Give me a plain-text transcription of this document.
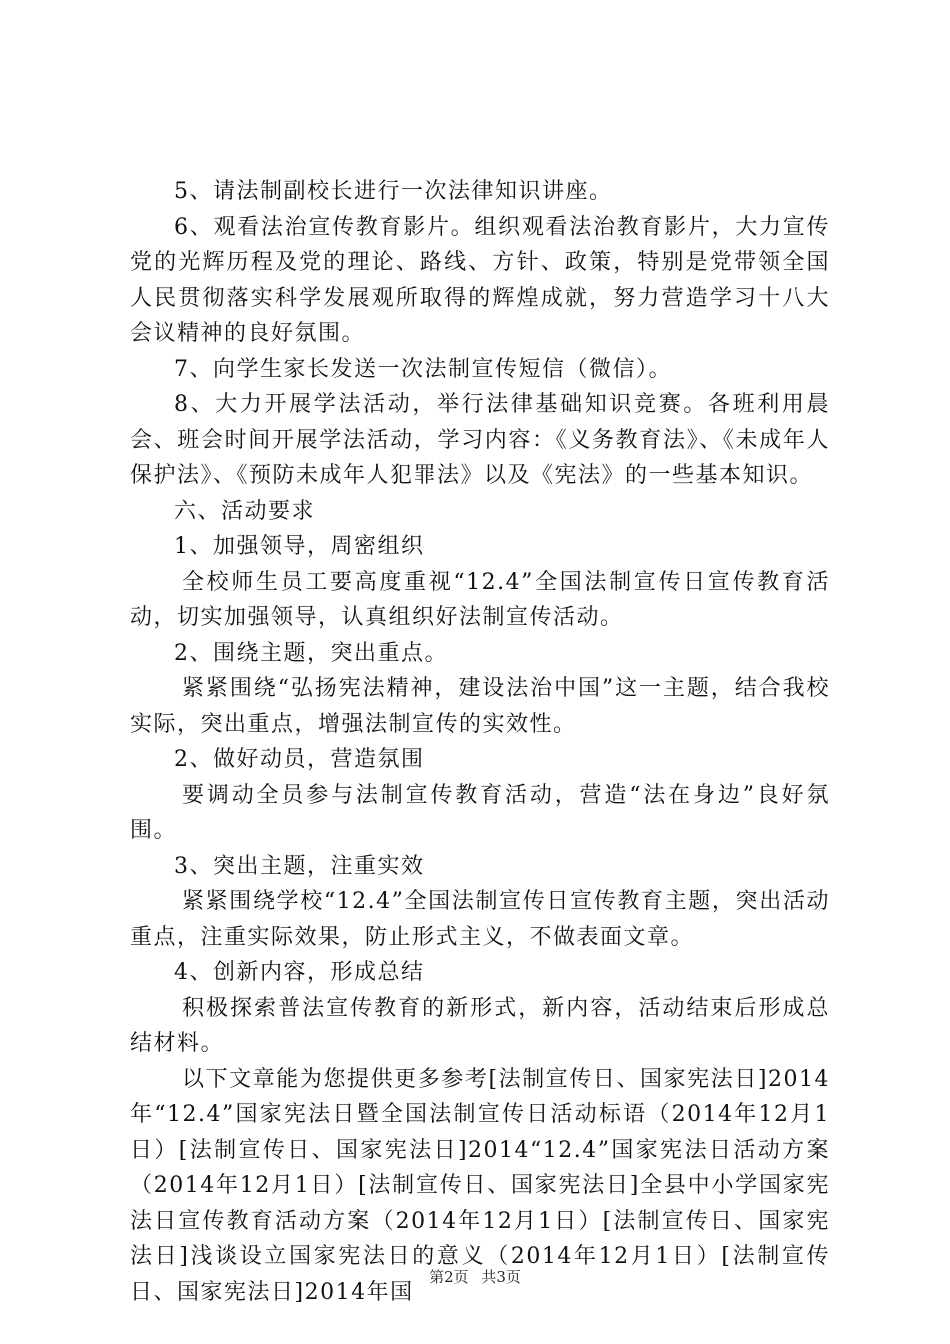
5、请法制副校长进行一次法律知识讲座。

6、观看法治宣传教育影片。组织观看法治教育影片，大力宣传党的光辉历程及党的理论、路线、方针、政策，特别是党带领全国人民贯彻落实科学发展观所取得的辉煌成就，努力营造学习十八大会议精神的良好氛围。

7、向学生家长发送一次法制宣传短信（微信）。

8、大力开展学法活动，举行法律基础知识竞赛。各班利用晨会、班会时间开展学法活动，学习内容：《义务教育法》、《未成年人保护法》、《预防未成年人犯罪法》以及《宪法》的一些基本知识。

六、活动要求

1、加强领导，周密组织

全校师生员工要高度重视“12.4”全国法制宣传日宣传教育活动，切实加强领导，认真组织好法制宣传活动。

2、围绕主题，突出重点。

紧紧围绕“弘扬宪法精神，建设法治中国”这一主题，结合我校实际，突出重点，增强法制宣传的实效性。

2、做好动员，营造氛围

要调动全员参与法制宣传教育活动，营造“法在身边”良好氛围。

3、突出主题，注重实效

紧紧围绕学校“12.4”全国法制宣传日宣传教育主题，突出活动重点，注重实际效果，防止形式主义，不做表面文章。

4、创新内容，形成总结

积极探索普法宣传教育的新形式，新内容，活动结束后形成总结材料。

以下文章能为您提供更多参考[法制宣传日、国家宪法日]2014年“12.4”国家宪法日暨全国法制宣传日活动标语（2014年12月1日）[法制宣传日、国家宪法日]2014“12.4”国家宪法日活动方案（2014年12月1日）[法制宣传日、国家宪法日]全县中小学国家宪法日宣传教育活动方案（2014年12月1日）[法制宣传日、国家宪法日]浅谈设立国家宪法日的意义（2014年12月1日）[法制宣传日、国家宪法日]2014年国

第2页 共3页
